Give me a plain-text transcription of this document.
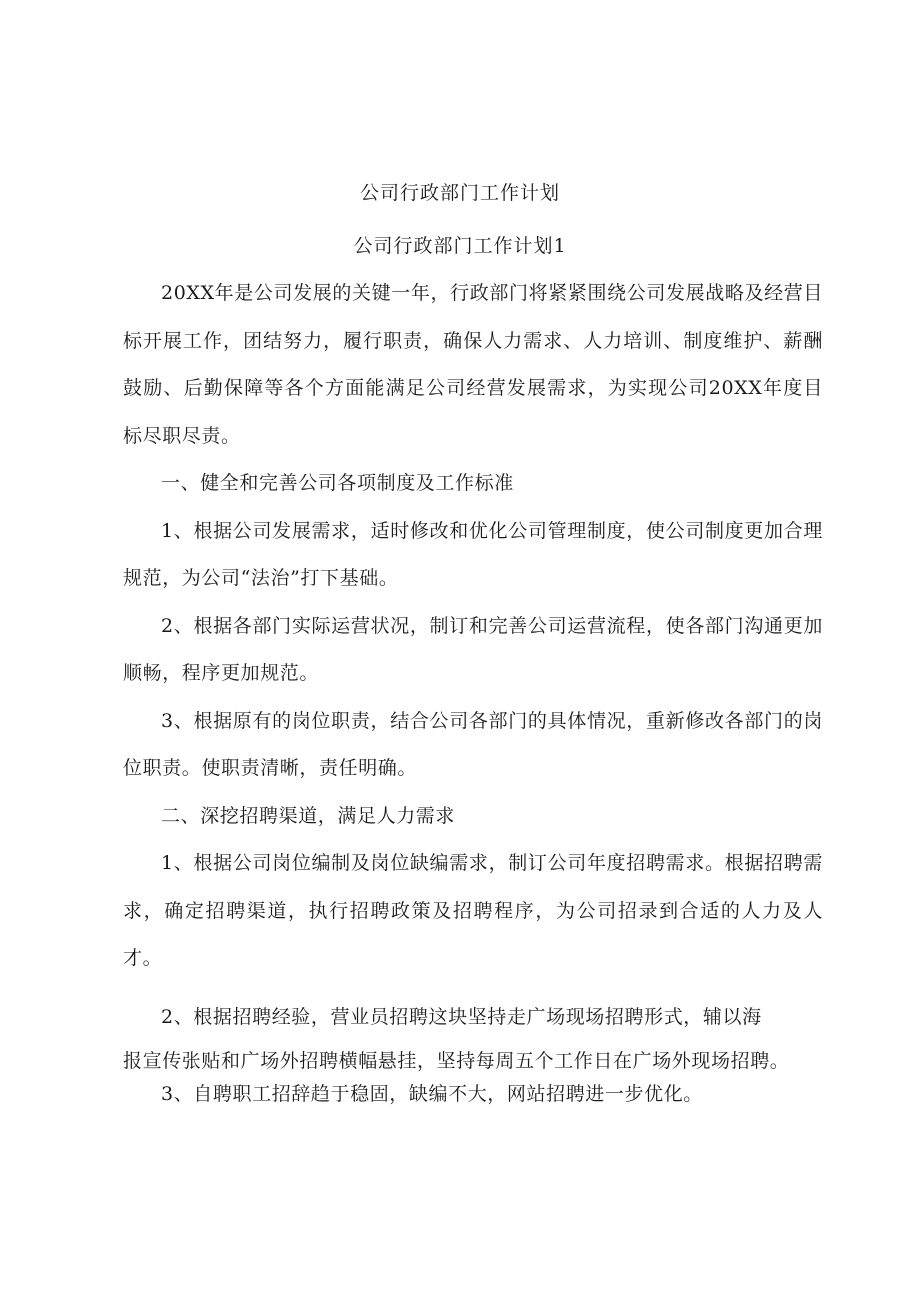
公司行政部门工作计划
公司行政部门工作计划1

20XX年是公司发展的关键一年，行政部门将紧紧围绕公司发展战略及经营目标开展工作，团结努力，履行职责，确保人力需求、人力培训、制度维护、薪酬鼓励、后勤保障等各个方面能满足公司经营发展需求，为实现公司20XX年度目标尽职尽责。

一、健全和完善公司各项制度及工作标准

1、根据公司发展需求，适时修改和优化公司管理制度，使公司制度更加合理规范，为公司“法治”打下基础。

2、根据各部门实际运营状况，制订和完善公司运营流程，使各部门沟通更加顺畅，程序更加规范。

3、根据原有的岗位职责，结合公司各部门的具体情况，重新修改各部门的岗位职责。使职责清晰，责任明确。

二、深挖招聘渠道，满足人力需求

1、根据公司岗位编制及岗位缺编需求，制订公司年度招聘需求。根据招聘需求，确定招聘渠道，执行招聘政策及招聘程序，为公司招录到合适的人力及人才。

2、根据招聘经验，营业员招聘这块坚持走广场现场招聘形式，辅以海
报宣传张贴和广场外招聘横幅悬挂，坚持每周五个工作日在广场外现场招聘。
3、自聘职工招辞趋于稳固，缺编不大，网站招聘进一步优化。
